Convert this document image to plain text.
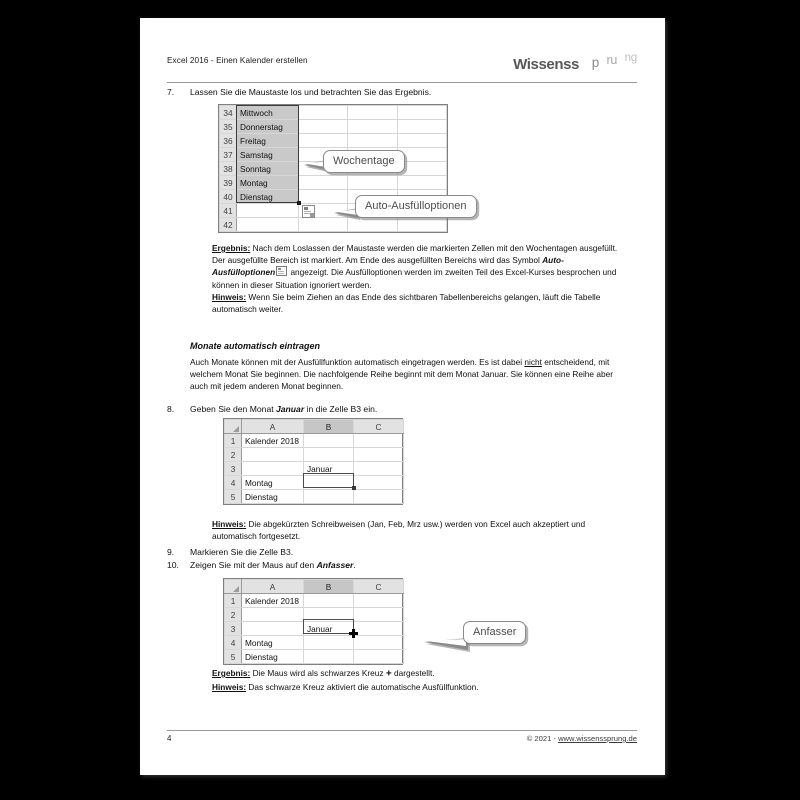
Excel 2016 - Einen Kalender erstellen	Wissenss p ru ng
7.	Lassen Sie die Maustaste los und betrachten Sie das Ergebnis.
34	Mittwoch			
35	Donnerstag			
36	Freitag			
37	Samstag			
38	Sonntag			
39	Montag			
40	Dienstag			
41				
42				
Wochentage
Auto-Ausfülloptionen
Ergebnis: Nach dem Loslassen der Maustaste werden die markierten Zellen mit den Wochentagen ausgefüllt. Der ausgefüllte Bereich ist markiert. Am Ende des ausgefüllten Bereichs wird das Symbol Auto-Ausfülloptionen angezeigt. Die Ausfülloptionen werden im zweiten Teil des Excel-Kurses besprochen und können in dieser Situation ignoriert werden.
Hinweis: Wenn Sie beim Ziehen an das Ende des sichtbaren Tabellenbereichs gelangen, läuft die Tabelle automatisch weiter.
Monate automatisch eintragen
Auch Monate können mit der Ausfüllfunktion automatisch eingetragen werden. Es ist dabei nicht entscheidend, mit welchem Monat Sie beginnen. Die nachfolgende Reihe beginnt mit dem Monat Januar. Sie können eine Reihe aber auch mit jedem anderen Monat beginnen.
8.	Geben Sie den Monat Januar in die Zelle B3 ein.
	A	B	C
1	Kalender 2018		
2			
3		Januar	
4	Montag		
5	Dienstag		
Hinweis: Die abgekürzten Schreibweisen (Jan, Feb, Mrz usw.) werden von Excel auch akzeptiert und automatisch fortgesetzt.
9.	Markieren Sie die Zelle B3.
10.	Zeigen Sie mit der Maus auf den Anfasser.
	A	B	C
1	Kalender 2018		
2			
3		Januar	
4	Montag		
5	Dienstag		
Anfasser
Ergebnis: Die Maus wird als schwarzes Kreuz + dargestellt.
Hinweis: Das schwarze Kreuz aktiviert die automatische Ausfüllfunktion.
4	© 2021 - www.wissenssprung.de
